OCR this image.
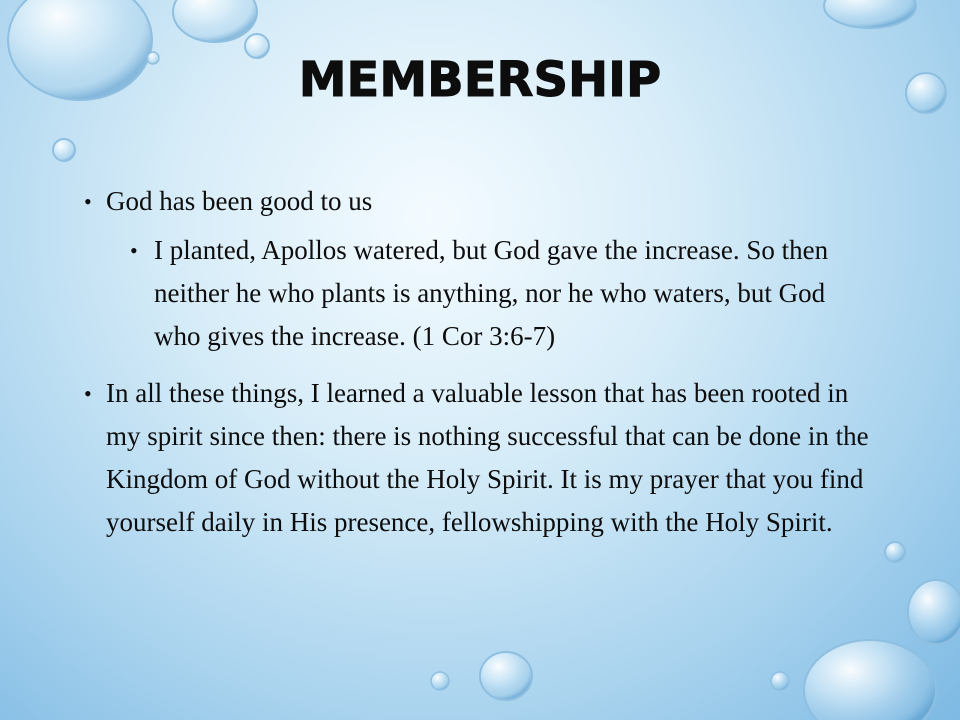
MEMBERSHIP
• God has been good to us
• I planted, Apollos watered, but God gave the increase. So then neither he who plants is anything, nor he who waters, but God who gives the increase. (1 Cor 3:6-7)
• In all these things, I learned a valuable lesson that has been rooted in my spirit since then: there is nothing successful that can be done in the Kingdom of God without the Holy Spirit. It is my prayer that you find yourself daily in His presence, fellowshipping with the Holy Spirit.
